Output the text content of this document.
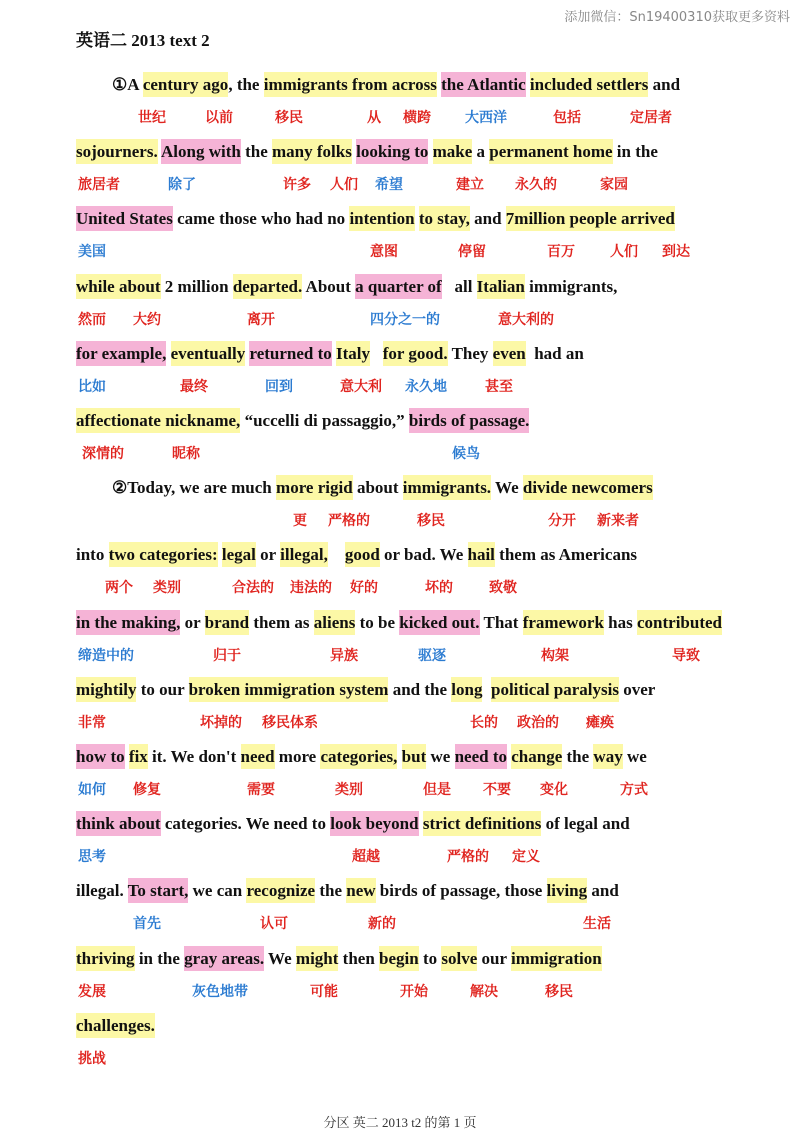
添加微信：Sn19400310获取更多资料
英语二 2013 text 2
①A century ago, the immigrants from across the Atlantic included settlers and
世纪	以前	移民	从 横跨 大西洋	包括	定居者
sojourners. Along with the many folks looking to make a permanent home in the
旅居者	除了	许多 人们 希望	建立 永久的	家园
United States came those who had no intention to stay, and 7million people arrived
美国	意图	停留	百万	人们 到达
while about 2 million departed. About a quarter of   all Italian immigrants,
然而 大约	离开	四分之一的	意大利的
for example, eventually returned to Italy for good. They even  had an
比如	最终	回到	意大利 永久地	甚至
affectionate nickname, “uccelli di passaggio,” birds of passage.
深情的	昵称	候鸟
②Today, we are much more rigid about immigrants. We divide newcomers
更 严格的	移民	分开 新来者
into two categories: legal or illegal, good or bad. We hail them as Americans
两个 类别	合法的 违法的 好的	坏的	致敬
in the making, or brand them as aliens to be kicked out. That framework has contributed
缔造中的	归于	异族	驱逐	构架	导致
mightily to our broken immigration system and the long political paralysis over
非常	坏掉的 移民体系	长的 政治的 瘫痪
how to fix it. We don't need more categories, but we need to change the way we
如何 修复	需要	类别	但是 不要 变化	方式
think about categories. We need to look beyond strict definitions of legal and
思考	超越	严格的 定义
illegal. To start, we can recognize the new birds of passage, those living and
首先	认可	新的	生活
thriving in the gray areas. We might then begin to solve our immigration
发展	灰色地带	可能	开始	解决	移民
challenges.
挑战
分区 英二 2013 t2 的第 1 页
